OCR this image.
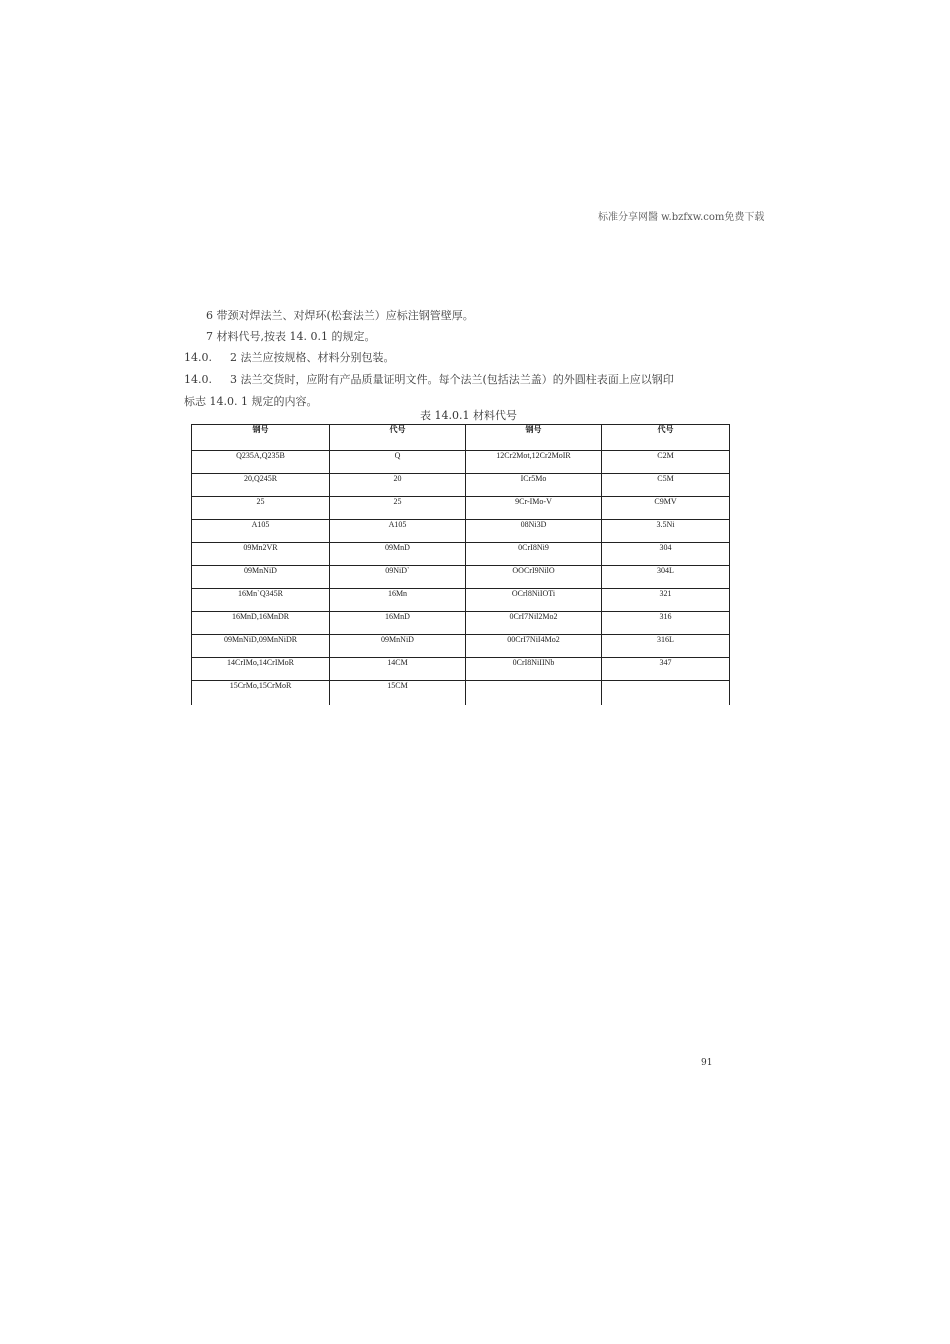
标准分享网醫 w.bzfxw.com免费下载
6 带颈对焊法兰、对焊环(松套法兰）应标注钢管壁厚。
7 材料代号,按表 14. 0.1 的规定。
14.0. 2 法兰应按规格、材料分别包装。
14.0. 3 法兰交货时，应附有产品质量证明文件。每个法兰(包括法兰盖）的外圓柱表面上应以钢印
标志 14.0. 1 规定的内容。
表 14.0.1 材料代号
钢号	代号	钢号	代号
Q235A,Q235B	Q	12Cr2Mot,12Cr2MoIR	C2M
20,Q245R	20	ICr5Mo	C5M
25	25	9Cr-IMo-V	C9MV
A105	A105	08Ni3D	3.5Ni
09Mn2VR	09MnD	0CrI8Ni9	304
09MnNiD	09NiD`	OOCrI9NilO	304L
16Mn`Q345R	16Mn	OCrl8NiIOTi	321
16MnD,16MnDR	16MnD	0CrI7Nil2Mo2	316
09MnNiD,09MnNiDR	09MnNiD	00CrI7NiI4Mo2	316L
14CrIMo,14CrIMoR	14CM	0CrI8NiIINb	347
15CrMo,15CrMoR	15CM		
91
